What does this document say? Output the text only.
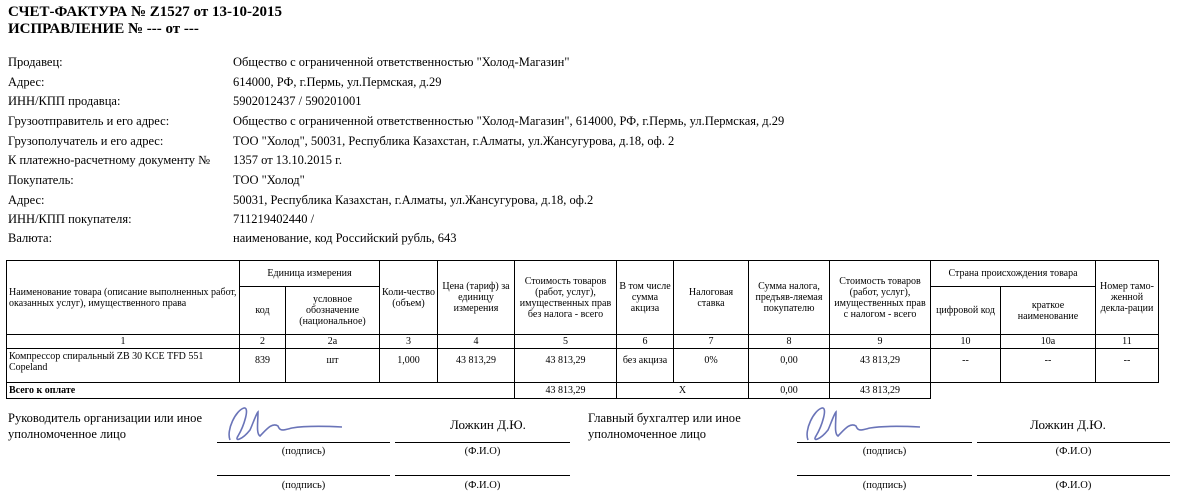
СЧЕТ-ФАКТУРА № Z1527 от 13-10-2015
ИСПРАВЛЕНИЕ № --- от ---
Продавец:	Общество с ограниченной ответственностью "Холод-Магазин"
Адрес:	614000, РФ, г.Пермь, ул.Пермская, д.29
ИНН/КПП продавца:	5902012437 / 590201001
Грузоотправитель и его адрес:	Общество с ограниченной ответственностью "Холод-Магазин", 614000, РФ, г.Пермь, ул.Пермская, д.29
Грузополучатель и его адрес:	ТОО "Холод", 50031, Республика Казахстан, г.Алматы, ул.Жансугурова, д.18, оф. 2
К платежно-расчетному документу № 1357 от 13.10.2015 г.
Покупатель:	ТОО "Холод"
Адрес:	50031, Республика Казахстан, г.Алматы, ул.Жансугурова, д.18, оф.2
ИНН/КПП покупателя:	711219402440 /
Валюта:	наименование, код Российский рубль, 643
Наименование товара (описание выполненных работ, оказанных услуг), имущественного права	Единица измерения		Коли-чество (объем)	Цена (тариф) за единицу измерения	Стоимость товаров (работ, услуг), имущественных прав без налога - всего	В том числе сумма акциза	Налоговая ставка	Сумма налога, предъяв-ляемая покупателю	Стоимость товаров (работ, услуг), имущественных прав с налогом - всего	Страна происхождения товара		Номер тамо-женной декла-рации
	код	условное обозначение (национальное)								цифровой код	краткое наименование	
1	2	2а	3	4	5	6	7	8	9	10	10а	11
Компрессор спиральный ZB 30 KCE TFD 551 Copeland	839	шт	1,000	43 813,29	43 813,29	без акциза	0%	0,00	43 813,29	--	--	--
Всего к оплате					43 813,29	X		0,00	43 813,29			
Руководитель организации или иное уполномоченное лицо
Ложкин Д.Ю.
(подпись)	(Ф.И.О)
(подпись)	(Ф.И.О)
Главный бухгалтер или иное уполномоченное лицо
Ложкин Д.Ю.
(подпись)	(Ф.И.О)
(подпись)	(Ф.И.О)
